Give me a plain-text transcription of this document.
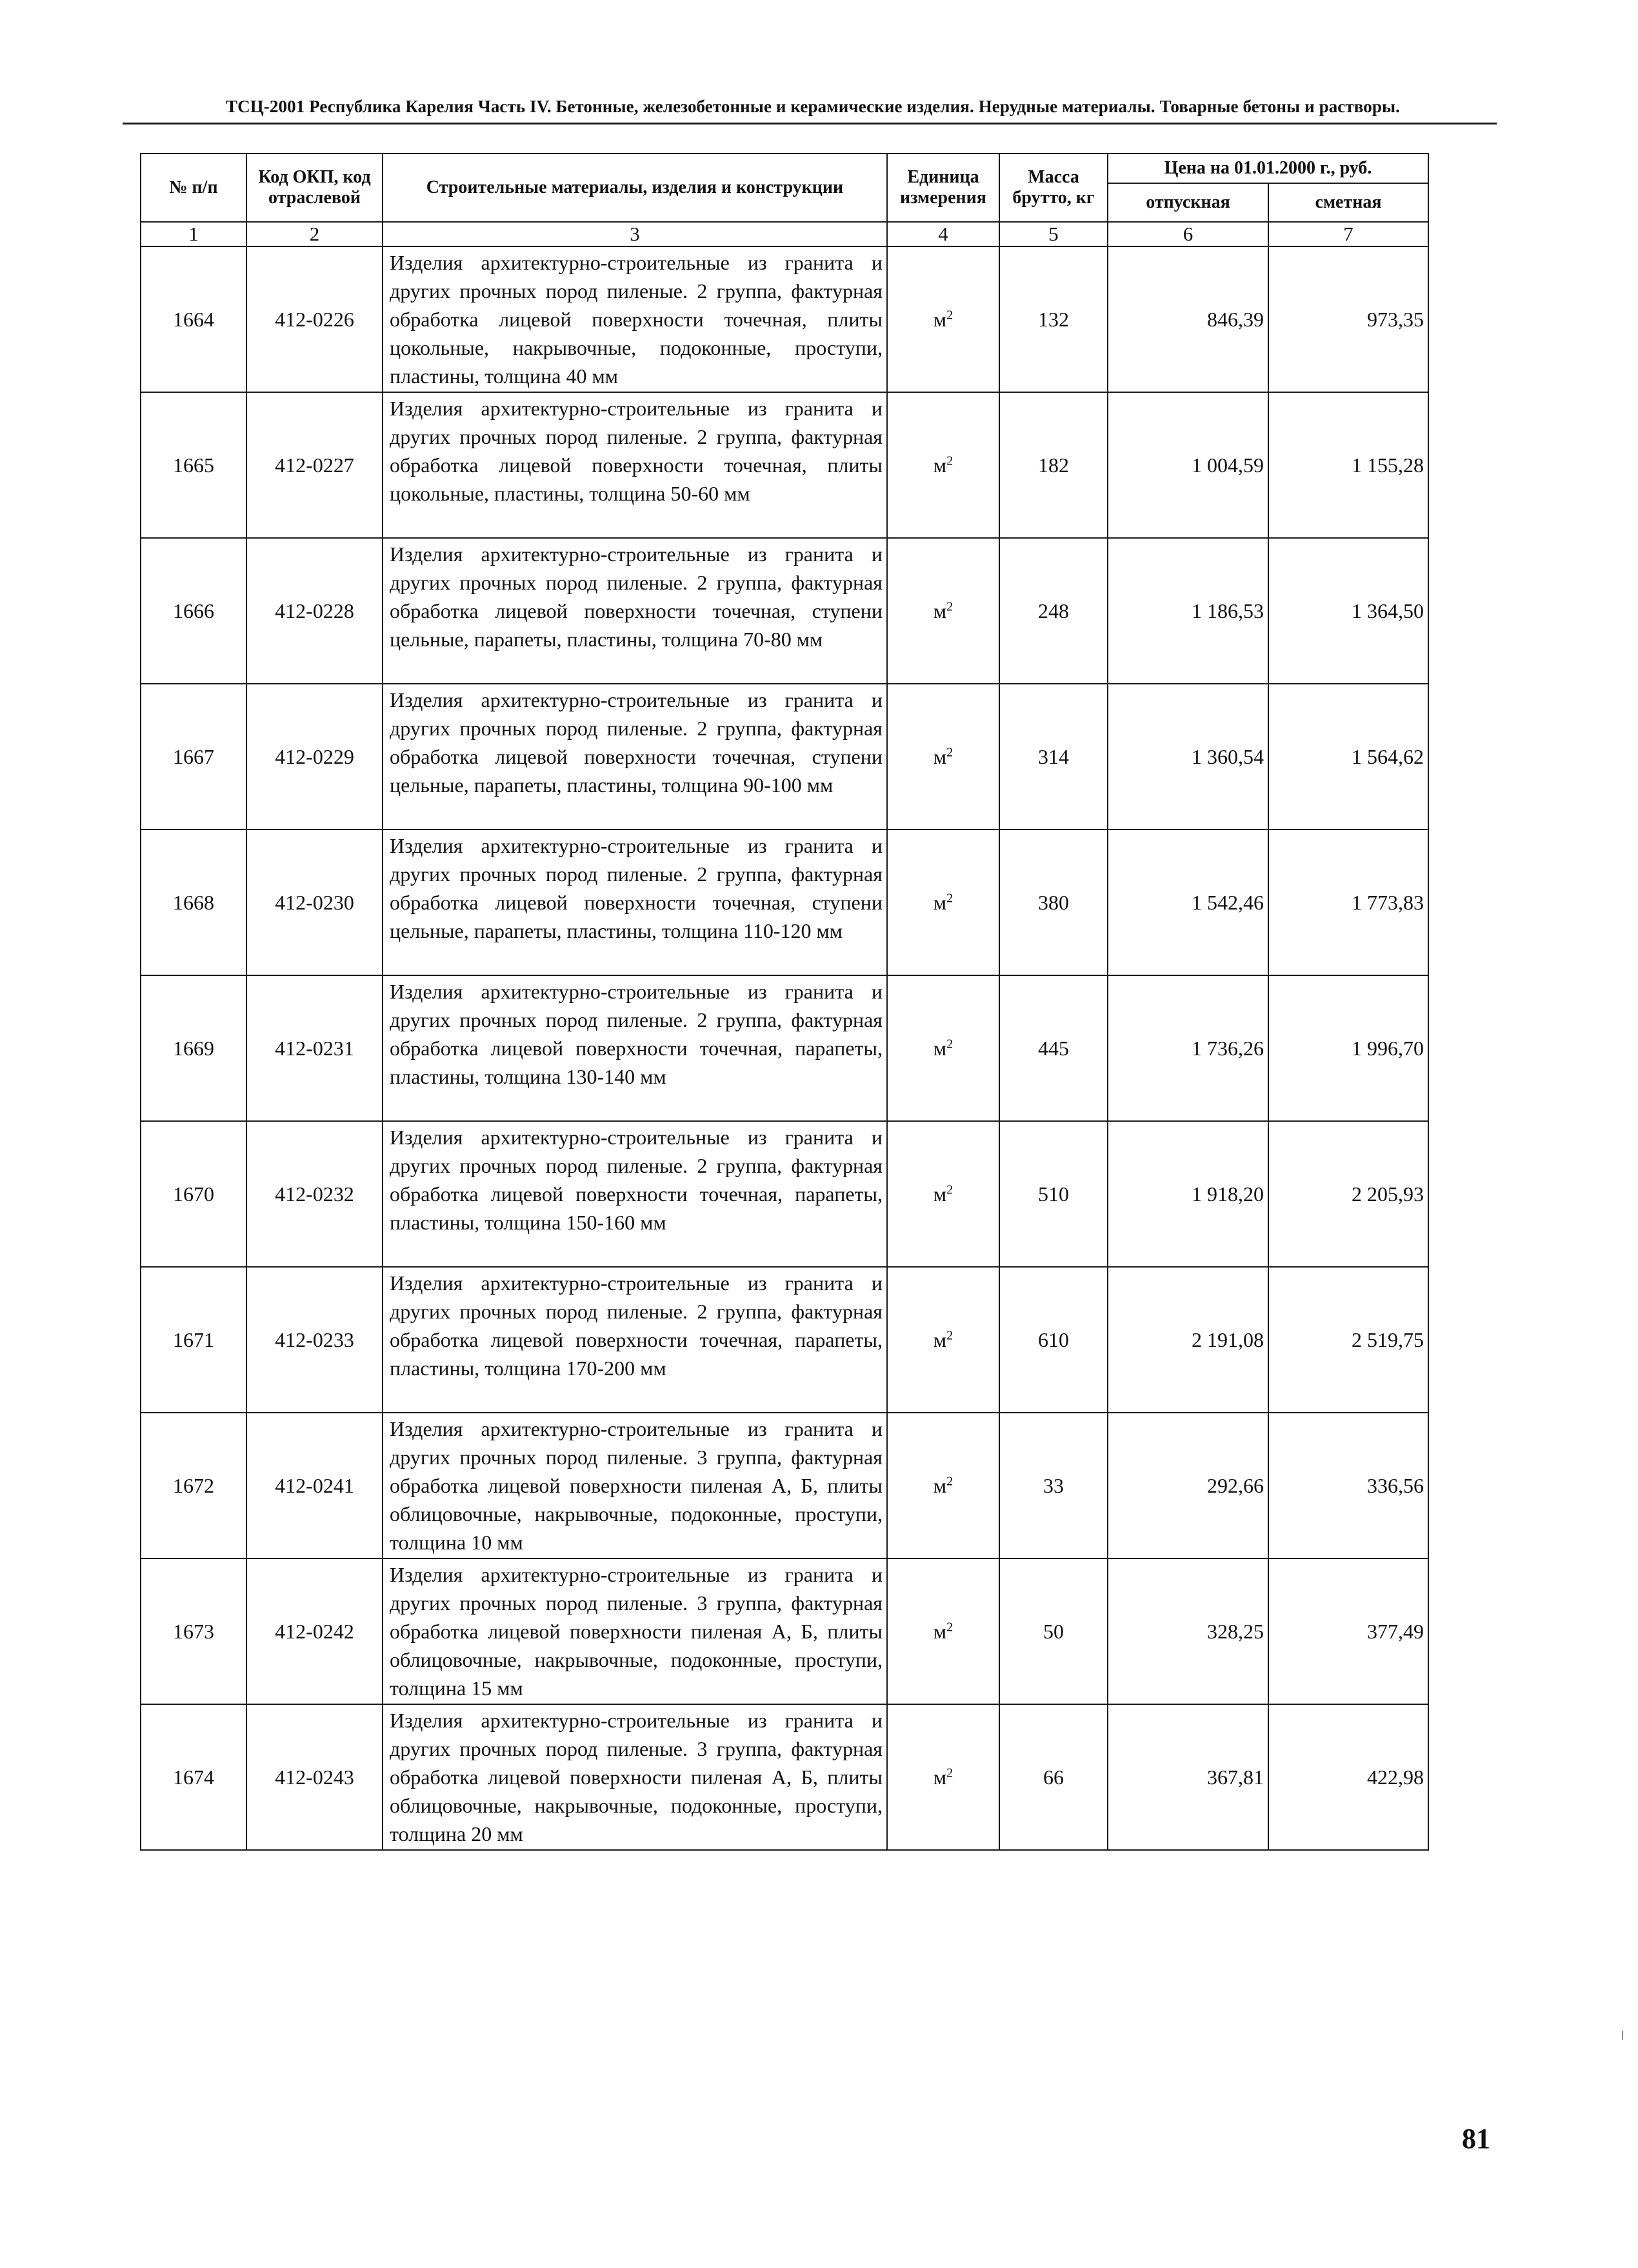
ТСЦ-2001 Республика Карелия Часть IV. Бетонные, железобетонные и керамические изделия. Нерудные материалы. Товарные бетоны и растворы.
№ п/п	Код ОКП, код отраслевой	Строительные материалы, изделия и конструкции	Единица измерения	Масса брутто, кг	Цена на 01.01.2000 г., руб.	
					отпускная	сметная
1	2	3	4	5	6	7
1664	412-0226	Изделия архитектурно-строительные из гранита и других прочных пород пиленые. 2 группа, фактурная обработка лицевой поверхности точечная, плиты цокольные, накрывочные, подоконные, проступи, пластины, толщина 40 мм	$м^2$	132	846,39	973,35
1665	412-0227	Изделия архитектурно-строительные из гранита и других прочных пород пиленые. 2 группа, фактурная обработка лицевой поверхности точечная, плиты цокольные, пластины, толщина 50-60 мм	$м^2$	182	1 004,59	1 155,28
1666	412-0228	Изделия архитектурно-строительные из гранита и других прочных пород пиленые. 2 группа, фактурная обработка лицевой поверхности точечная, ступени цельные, парапеты, пластины, толщина 70-80 мм	$м^2$	248	1 186,53	1 364,50
1667	412-0229	Изделия архитектурно-строительные из гранита и других прочных пород пиленые. 2 группа, фактурная обработка лицевой поверхности точечная, ступени цельные, парапеты, пластины, толщина 90-100 мм	$м^2$	314	1 360,54	1 564,62
1668	412-0230	Изделия архитектурно-строительные из гранита и других прочных пород пиленые. 2 группа, фактурная обработка лицевой поверхности точечная, ступени цельные, парапеты, пластины, толщина 110-120 мм	$м^2$	380	1 542,46	1 773,83
1669	412-0231	Изделия архитектурно-строительные из гранита и других прочных пород пиленые. 2 группа, фактурная обработка лицевой поверхности точечная, парапеты, пластины, толщина 130-140 мм	$м^2$	445	1 736,26	1 996,70
1670	412-0232	Изделия архитектурно-строительные из гранита и других прочных пород пиленые. 2 группа, фактурная обработка лицевой поверхности точечная, парапеты, пластины, толщина 150-160 мм	$м^2$	510	1 918,20	2 205,93
1671	412-0233	Изделия архитектурно-строительные из гранита и других прочных пород пиленые. 2 группа, фактурная обработка лицевой поверхности точечная, парапеты, пластины, толщина 170-200 мм	$м^2$	610	2 191,08	2 519,75
1672	412-0241	Изделия архитектурно-строительные из гранита и других прочных пород пиленые. 3 группа, фактурная обработка лицевой поверхности пиленая А, Б, плиты облицовочные, накрывочные, подоконные, проступи, толщина 10 мм	$м^2$	33	292,66	336,56
1673	412-0242	Изделия архитектурно-строительные из гранита и других прочных пород пиленые. 3 группа, фактурная обработка лицевой поверхности пиленая А, Б, плиты облицовочные, накрывочные, подоконные, проступи, толщина 15 мм	$м^2$	50	328,25	377,49
1674	412-0243	Изделия архитектурно-строительные из гранита и других прочных пород пиленые. 3 группа, фактурная обработка лицевой поверхности пиленая А, Б, плиты облицовочные, накрывочные, подоконные, проступи, толщина 20 мм	$м^2$	66	367,81	422,98
81
